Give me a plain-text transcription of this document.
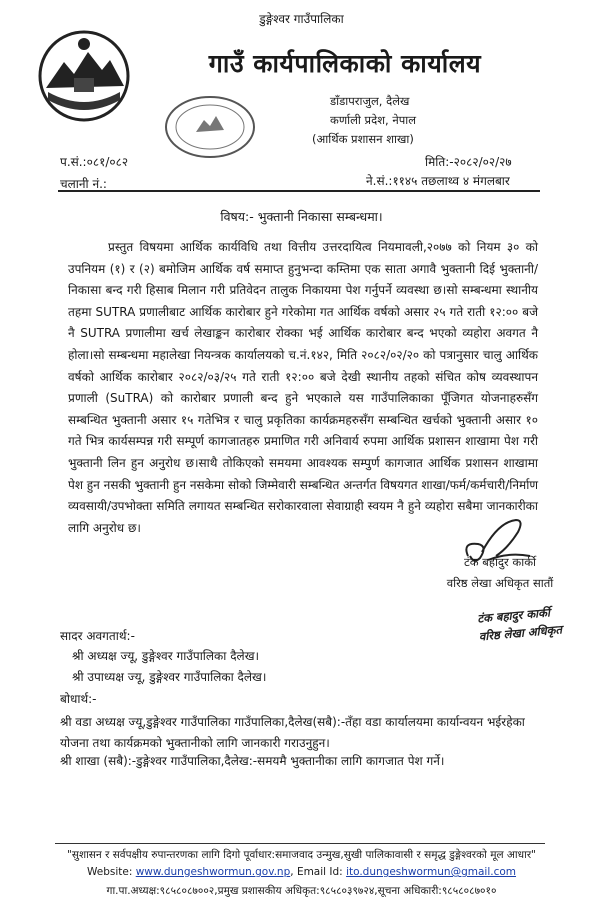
डुङ्गेश्वर गाउँपालिका
गाउँ कार्यपालिकाको कार्यालय
डाँडापराजुल, दैलेख
कर्णाली प्रदेश, नेपाल
(आर्थिक प्रशासन शाखा)
प.सं.:०८१/०८२
चलानी नं.:
मिति:-२०८२/०२/२७
ने.सं.:११४५ तछलाथ्व ४ मंगलबार
विषय:- भुक्तानी निकासा सम्बन्धमा।
प्रस्तुत विषयमा आर्थिक कार्यविधि तथा वित्तीय उत्तरदायित्व नियमावली,२०७७ को नियम ३० को उपनियम (१) र (२) बमोजिम आर्थिक वर्ष समाप्त हुनुभन्दा कम्तिमा एक साता अगावै भुक्तानी दिई भुक्तानी/निकासा बन्द गरी हिसाब मिलान गरी प्रतिवेदन तालुक निकायमा पेश गर्नुपर्ने व्यवस्था छ।सो सम्बन्धमा स्थानीय तहमा SUTRA प्रणालीबाट आर्थिक कारोबार हुने गरेकोमा गत आर्थिक वर्षको असार २५ गते राती १२:०० बजे नै SUTRA प्रणालीमा खर्च लेखाङ्कन कारोबार रोक्का भई आर्थिक कारोबार बन्द भएको व्यहोरा अवगत नै होला।सो सम्बन्धमा महालेखा नियन्त्रक कार्यालयको च.नं.१४२, मिति २०८२/०२/२० को पत्रानुसार चालु आर्थिक वर्षको आर्थिक कारोबार २०८२/०३/२५ गते राती १२:०० बजे देखी स्थानीय तहको संचित कोष व्यवस्थापन प्रणाली (SuTRA) को कारोबार प्रणाली बन्द हुने भएकाले यस गाउँपालिकाका पूँजिगत योजनाहरुसँग सम्बन्धित भुक्तानी असार १५ गतेभित्र र चालु प्रकृतिका कार्यक्रमहरुसँग सम्बन्धित खर्चको भुक्तानी असार १० गते भित्र कार्यसम्पन्न गरी सम्पूर्ण कागजातहरु प्रमाणित गरी अनिवार्य रुपमा आर्थिक प्रशासन शाखामा पेश गरी भुक्तानी लिन हुन अनुरोध छ।साथै तोकिएको समयमा आवश्यक सम्पुर्ण कागजात आर्थिक प्रशासन शाखामा पेश हुन नसकी भुक्तानी हुन नसकेमा सोको जिम्मेवारी सम्बन्धित अन्तर्गत विषयगत शाखा/फर्म/कर्मचारी/निर्माण व्यवसायी/उपभोक्ता समिति लगायत सम्बन्धित सरोकारवाला सेवाग्राही स्वयम नै हुने व्यहोरा सबैमा जानकारीका लागि अनुरोध छ।
टंक बहादुर कार्की
वरिष्ठ लेखा अधिकृत सातौं
टंक बहादुर कार्की
वरिष्ठ लेखा अधिकृत
सादर अवगतार्थ:-
श्री अध्यक्ष ज्यू, डुङ्गेश्वर गाउँपालिका दैलेख।
श्री उपाध्यक्ष ज्यू, डुङ्गेश्वर गाउँपालिका दैलेख।
बोधार्थ:-
श्री वडा अध्यक्ष ज्यू,डुङ्गेश्वर गाउँपालिका गाउँपालिका,दैलेख(सबै):-तँहा वडा कार्यालयमा कार्यान्वयन भईरहेका योजना तथा कार्यक्रमको भुक्तानीको लागि जानकारी गराउनुहुन।
श्री शाखा (सबै):-डुङ्गेश्वर गाउँपालिका,दैलेख:-समयमै भुक्तानीका लागि कागजात पेश गर्ने।
"सुशासन र सर्वपक्षीय रुपान्तरणका लागि दिगो पूर्वाधार:समाजवाद उन्मुख,सुखी पालिकावासी र समृद्ध डुङ्गेश्वरको मूल आधार"
Website: www.dungeshwormun.gov.np, Email Id: ito.dungeshwormun@gmail.com
गा.पा.अध्यक्ष:९८५८०८७००२,प्रमुख प्रशासकीय अधिकृत:९८५८०३९७२४,सूचना अधिकारी:९८५८०८७०१०
